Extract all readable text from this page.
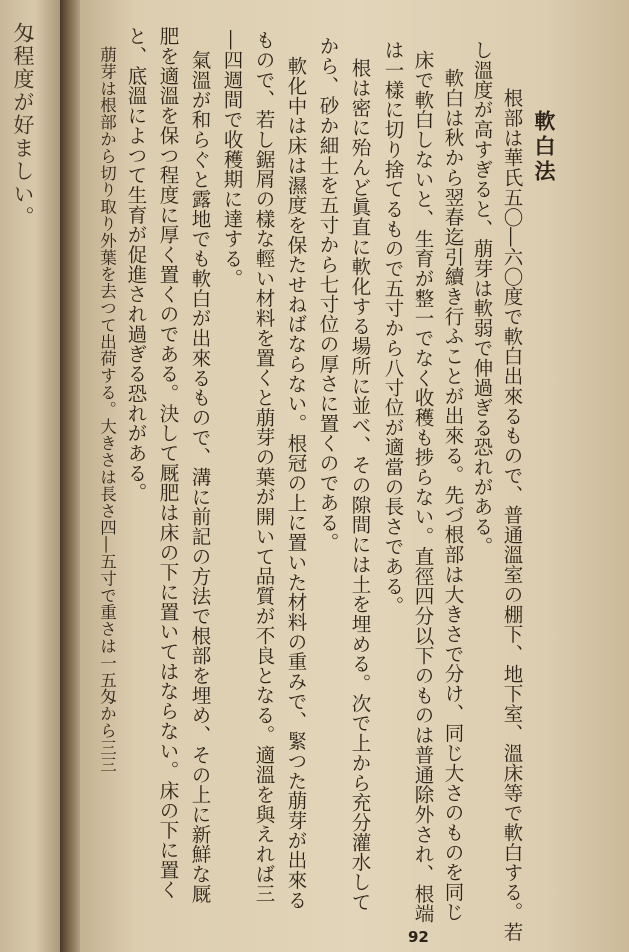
匁程度が好ましい。	軟白法
根部は華氏五〇―六〇度で軟白出來るもので、普通溫室の棚下、地下室、溫床等で軟白する。若
し溫度が高すぎると、萠芽は軟弱で伸過ぎる恐れがある。
軟白は秋から翌春迄引續き行ふことが出來る。先づ根部は大きさで分け、同じ大さのものを同じ
床で軟白しないと、生育が整一でなく收穫も捗らない。直徑四分以下のものは普通除外され、根端
は一樣に切り捨てるもので五寸から八寸位が適當の長さである。
根は密に殆んど眞直に軟化する場所に並べ、その隙間には土を埋める。次で上から充分灌水して
から、砂か細土を五寸から七寸位の厚さに置くのである。
軟化中は床は濕度を保たせねばならない。根冠の上に置いた材料の重みで、緊つた萠芽が出來る
もので、若し鋸屑の樣な輕い材料を置くと萠芽の葉が開いて品質が不良となる。適溫を與えれば三
―四週間で收穫期に達する。
氣溫が和らぐと露地でも軟白が出來るもので、溝に前記の方法で根部を埋め、その上に新鮮な厩
肥を適溫を保つ程度に厚く置くのである。決して厩肥は床の下に置いてはならない。床の下に置く
と、底溫によつて生育が促進され過ぎる恐れがある。
萠芽は根部から切り取り外葉を去つて出荷する。大きさは長さ四―五寸で重さは一五匁から三三
92
